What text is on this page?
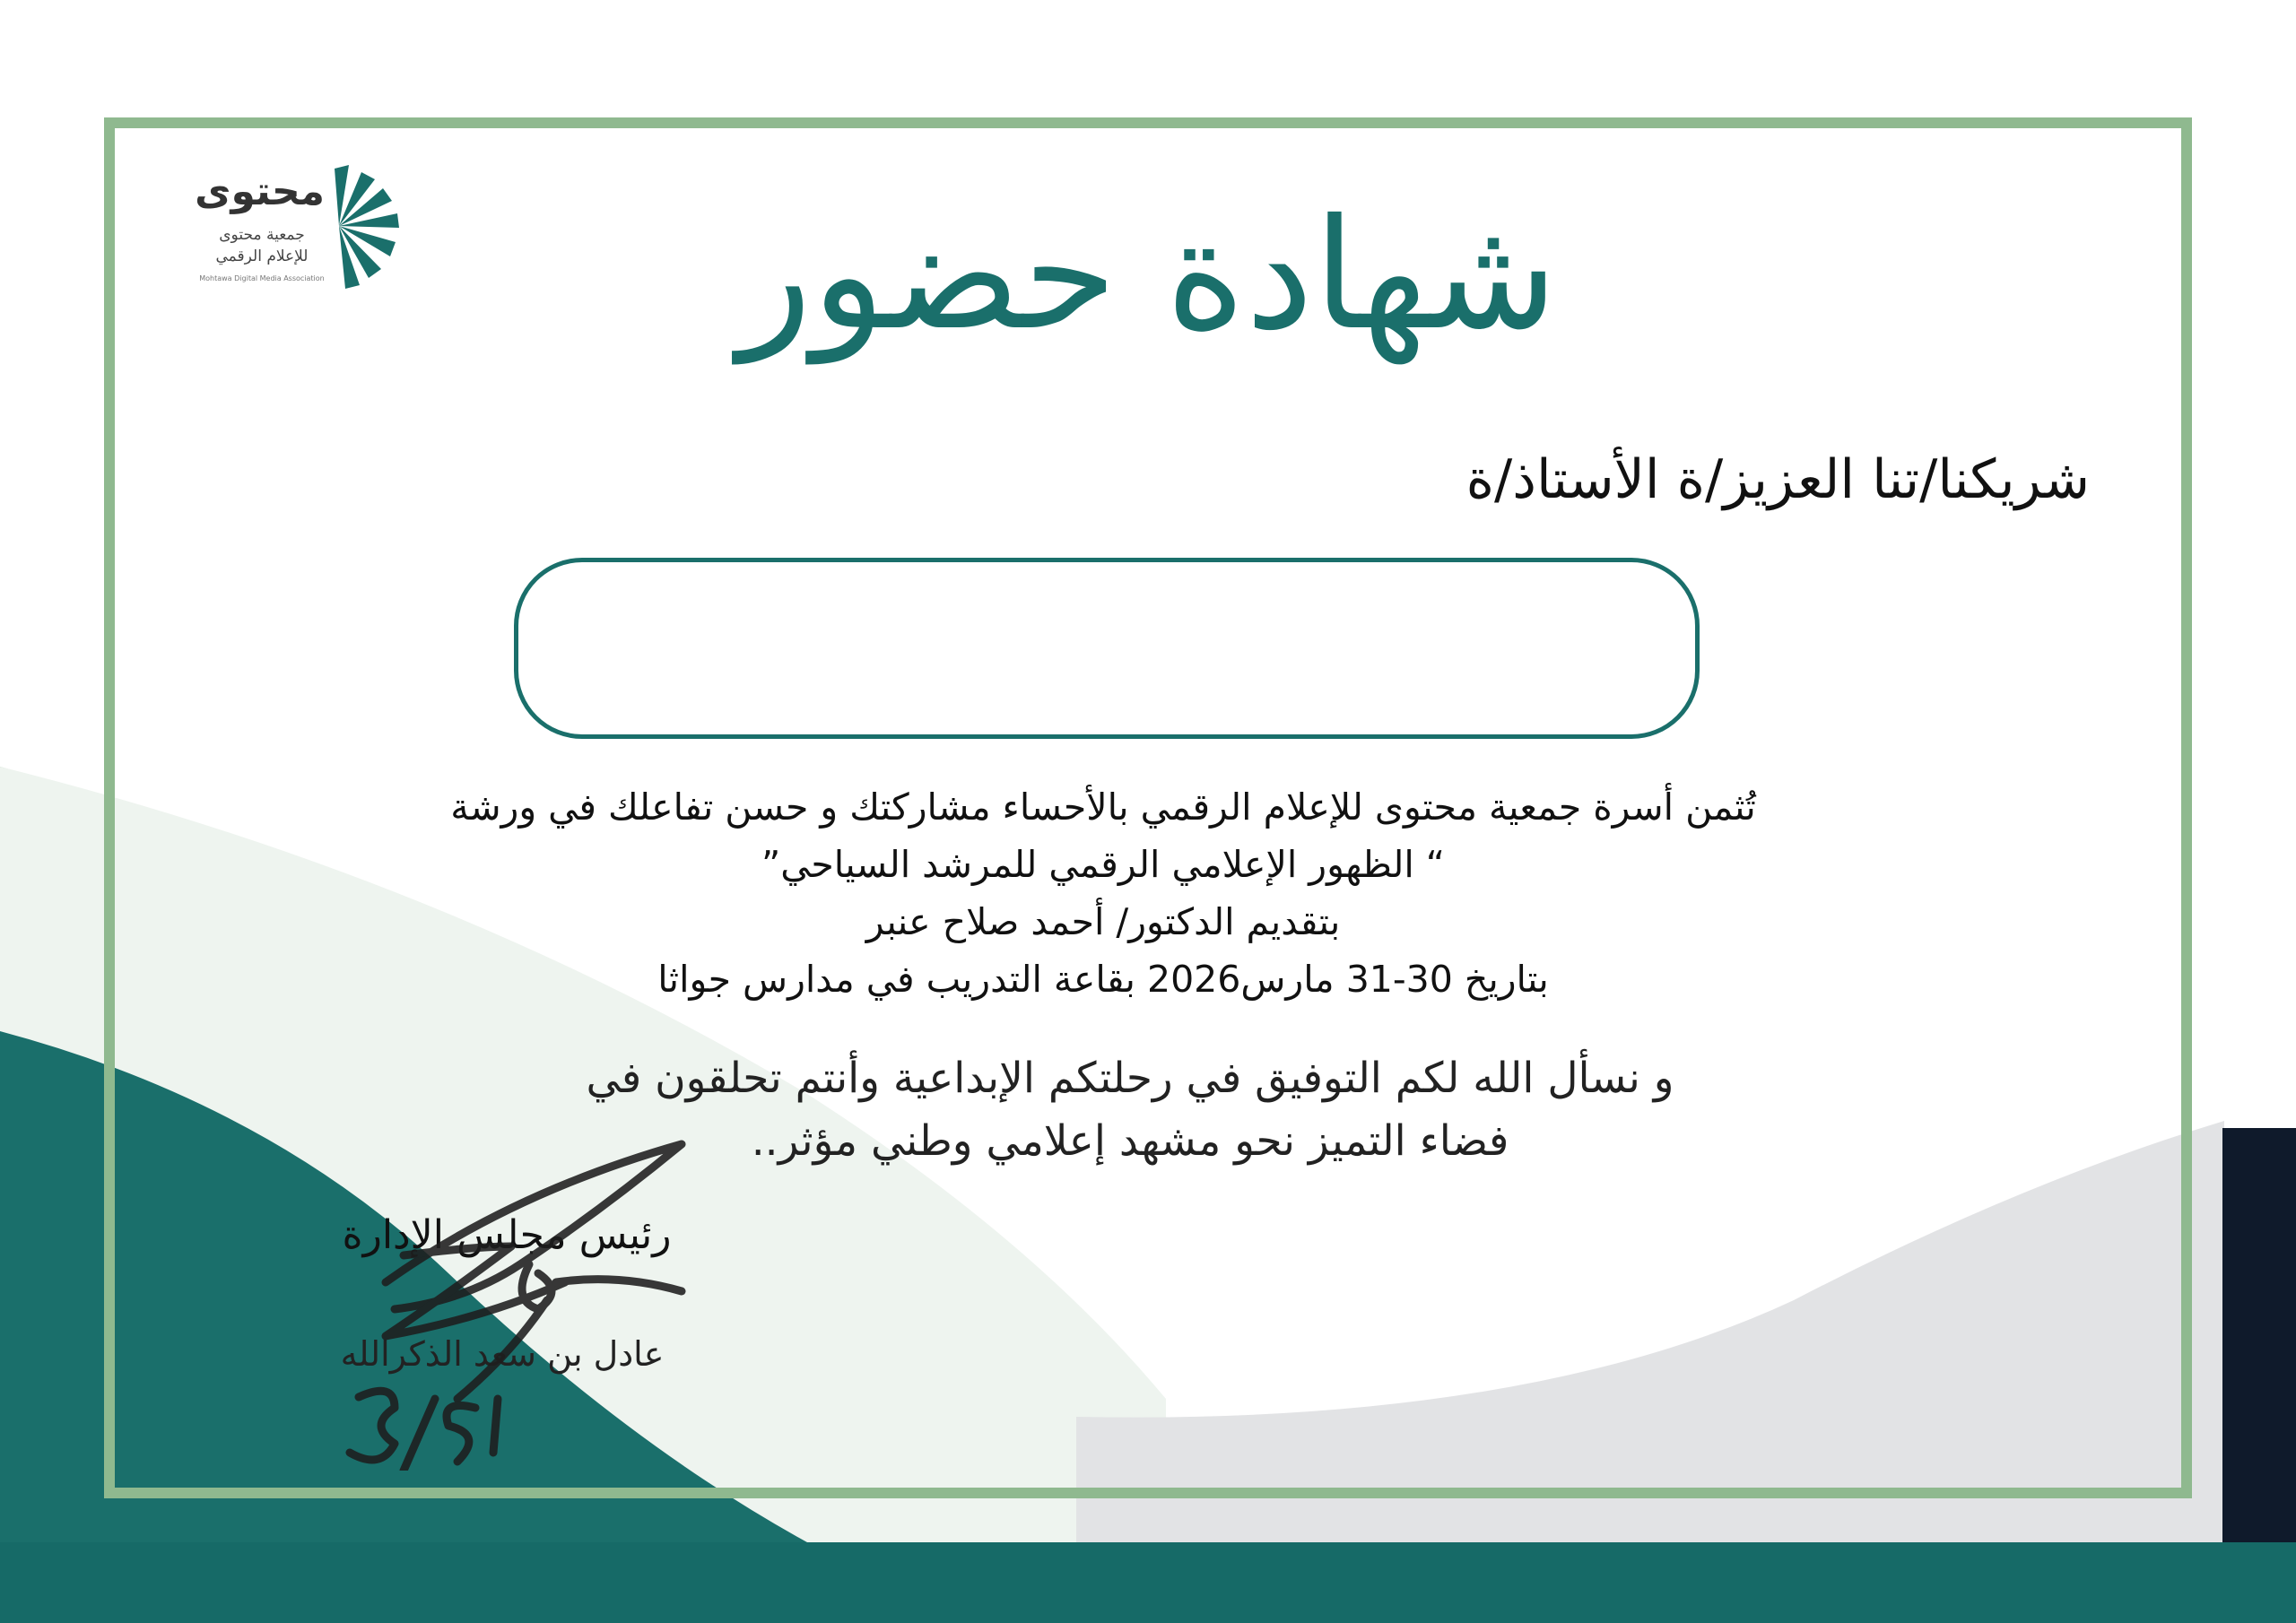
محتوى
جمعية محتوى
للإعلام الرقمي
Mohtawa Digital Media Association	شهادة حضور
شريكنا/تنا العزيز/ة الأستاذ/ة
تُثمن أسرة جمعية محتوى للإعلام الرقمي بالأحساء مشاركتك و حسن تفاعلك في ورشة
“ الظهور الإعلامي الرقمي للمرشد السياحي”
بتقديم الدكتور/ أحمد صلاح عنبر
بتاريخ 30-31 مارس2026 بقاعة التدريب في مدارس جواثا
و نسأل الله لكم التوفيق في رحلتكم الإبداعية وأنتم تحلقون في
فضاء التميز نحو مشهد إعلامي وطني مؤثر..
رئيس مجلس الإدارة
عادل بن سعد الذكرالله
